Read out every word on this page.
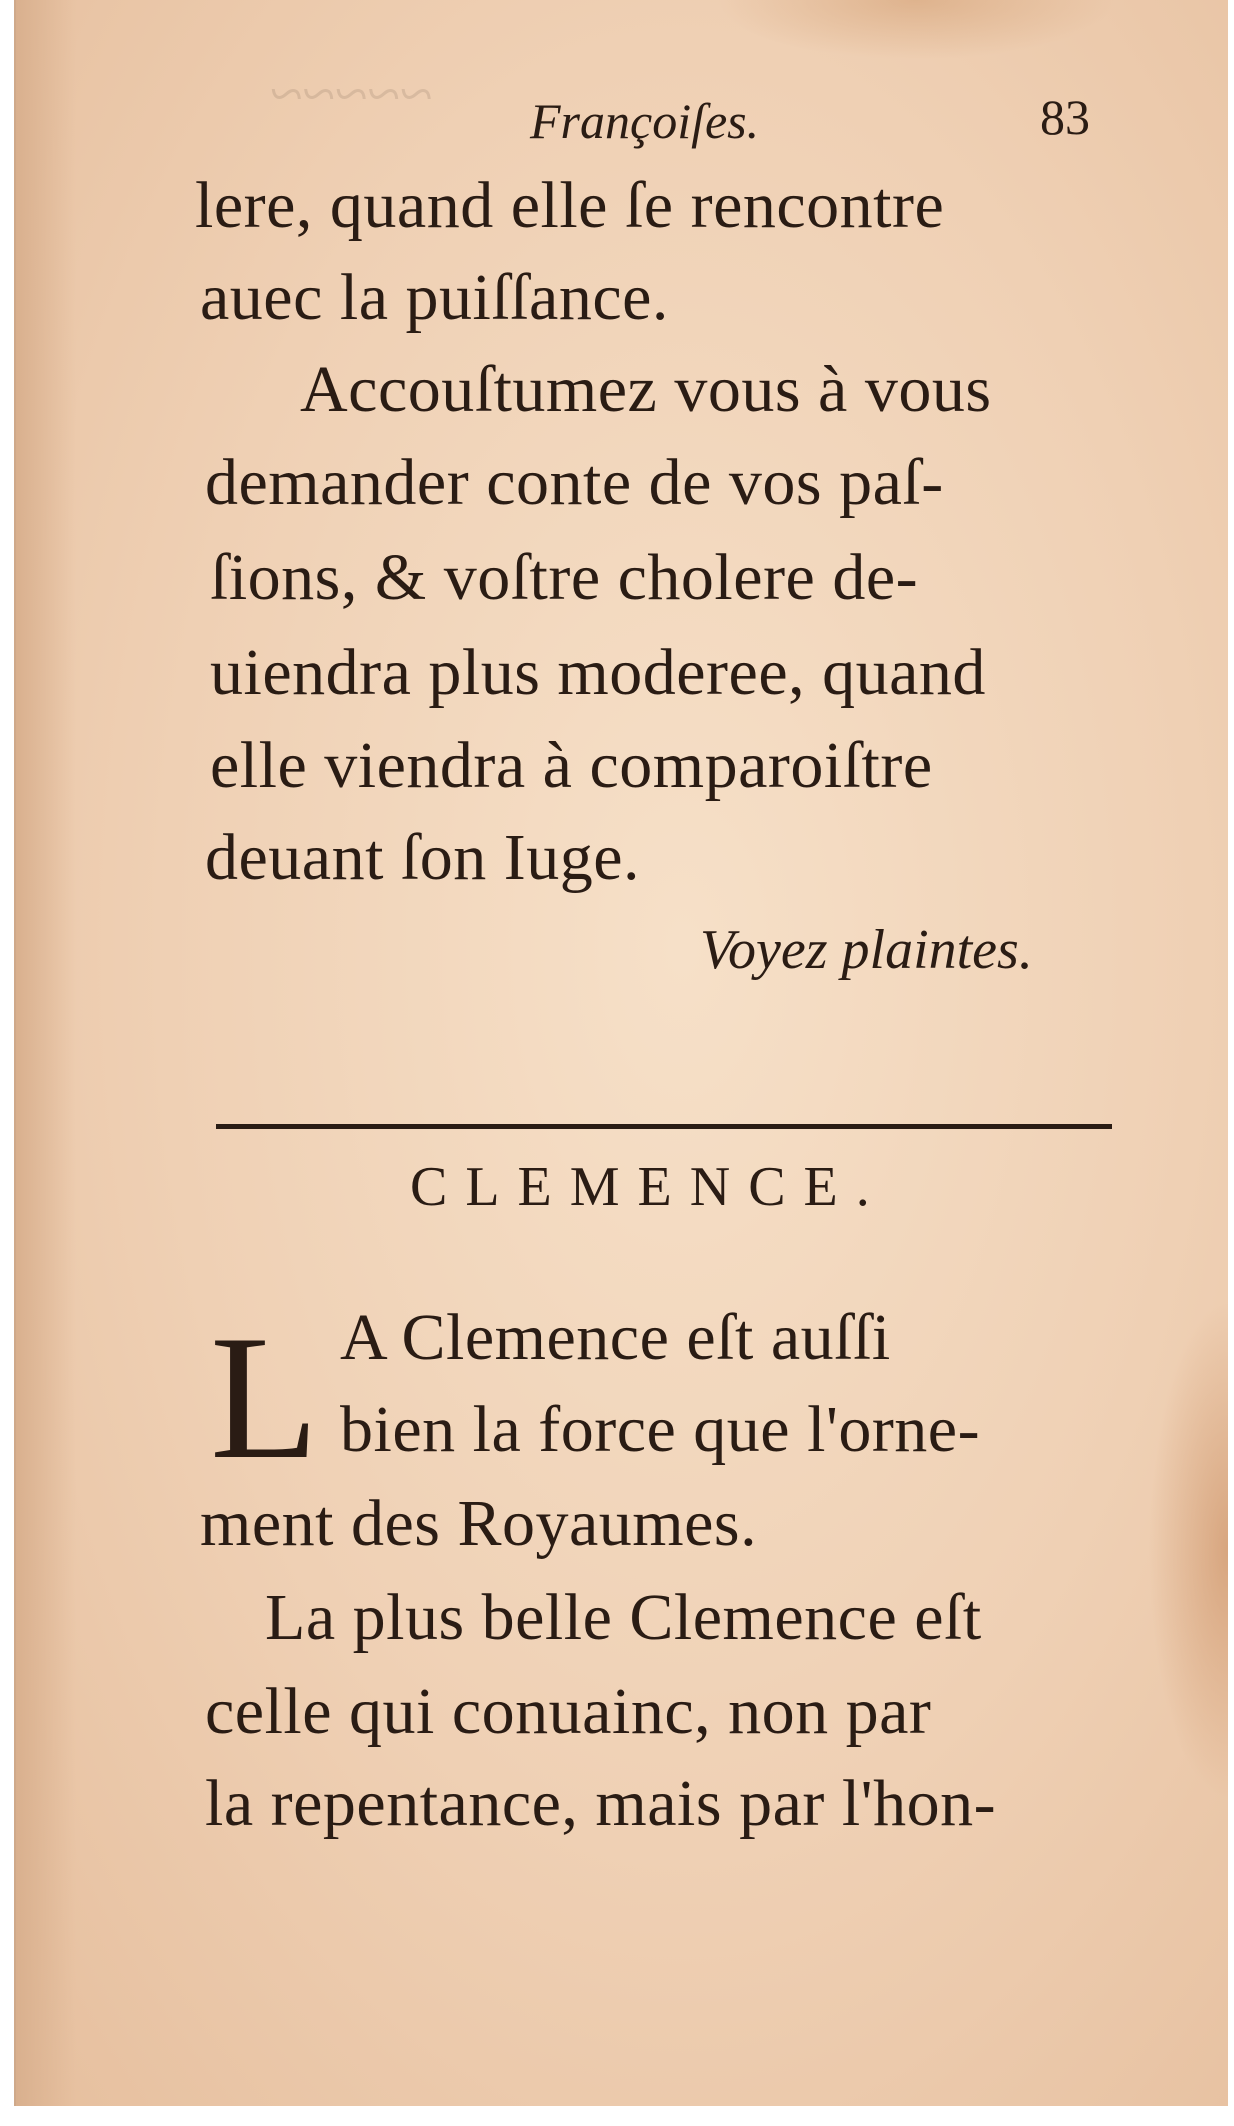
~~~~~ Françoiſes.	83
lere, quand elle ſe rencontre
auec la puiſſance.
Accouſtumez vous à vous
demander conte de vos paſ-
ſions, & voſtre cholere de-
uiendra plus moderee, quand
elle viendra à comparoiſtre
deuant ſon Iuge.
Voyez plaintes.
CLEMENCE.
L A Clemence eſt auſſi
bien la force que l'orne-
ment des Royaumes.
La plus belle Clemence eſt
celle qui conuainc, non par
la repentance, mais par l'hon-
